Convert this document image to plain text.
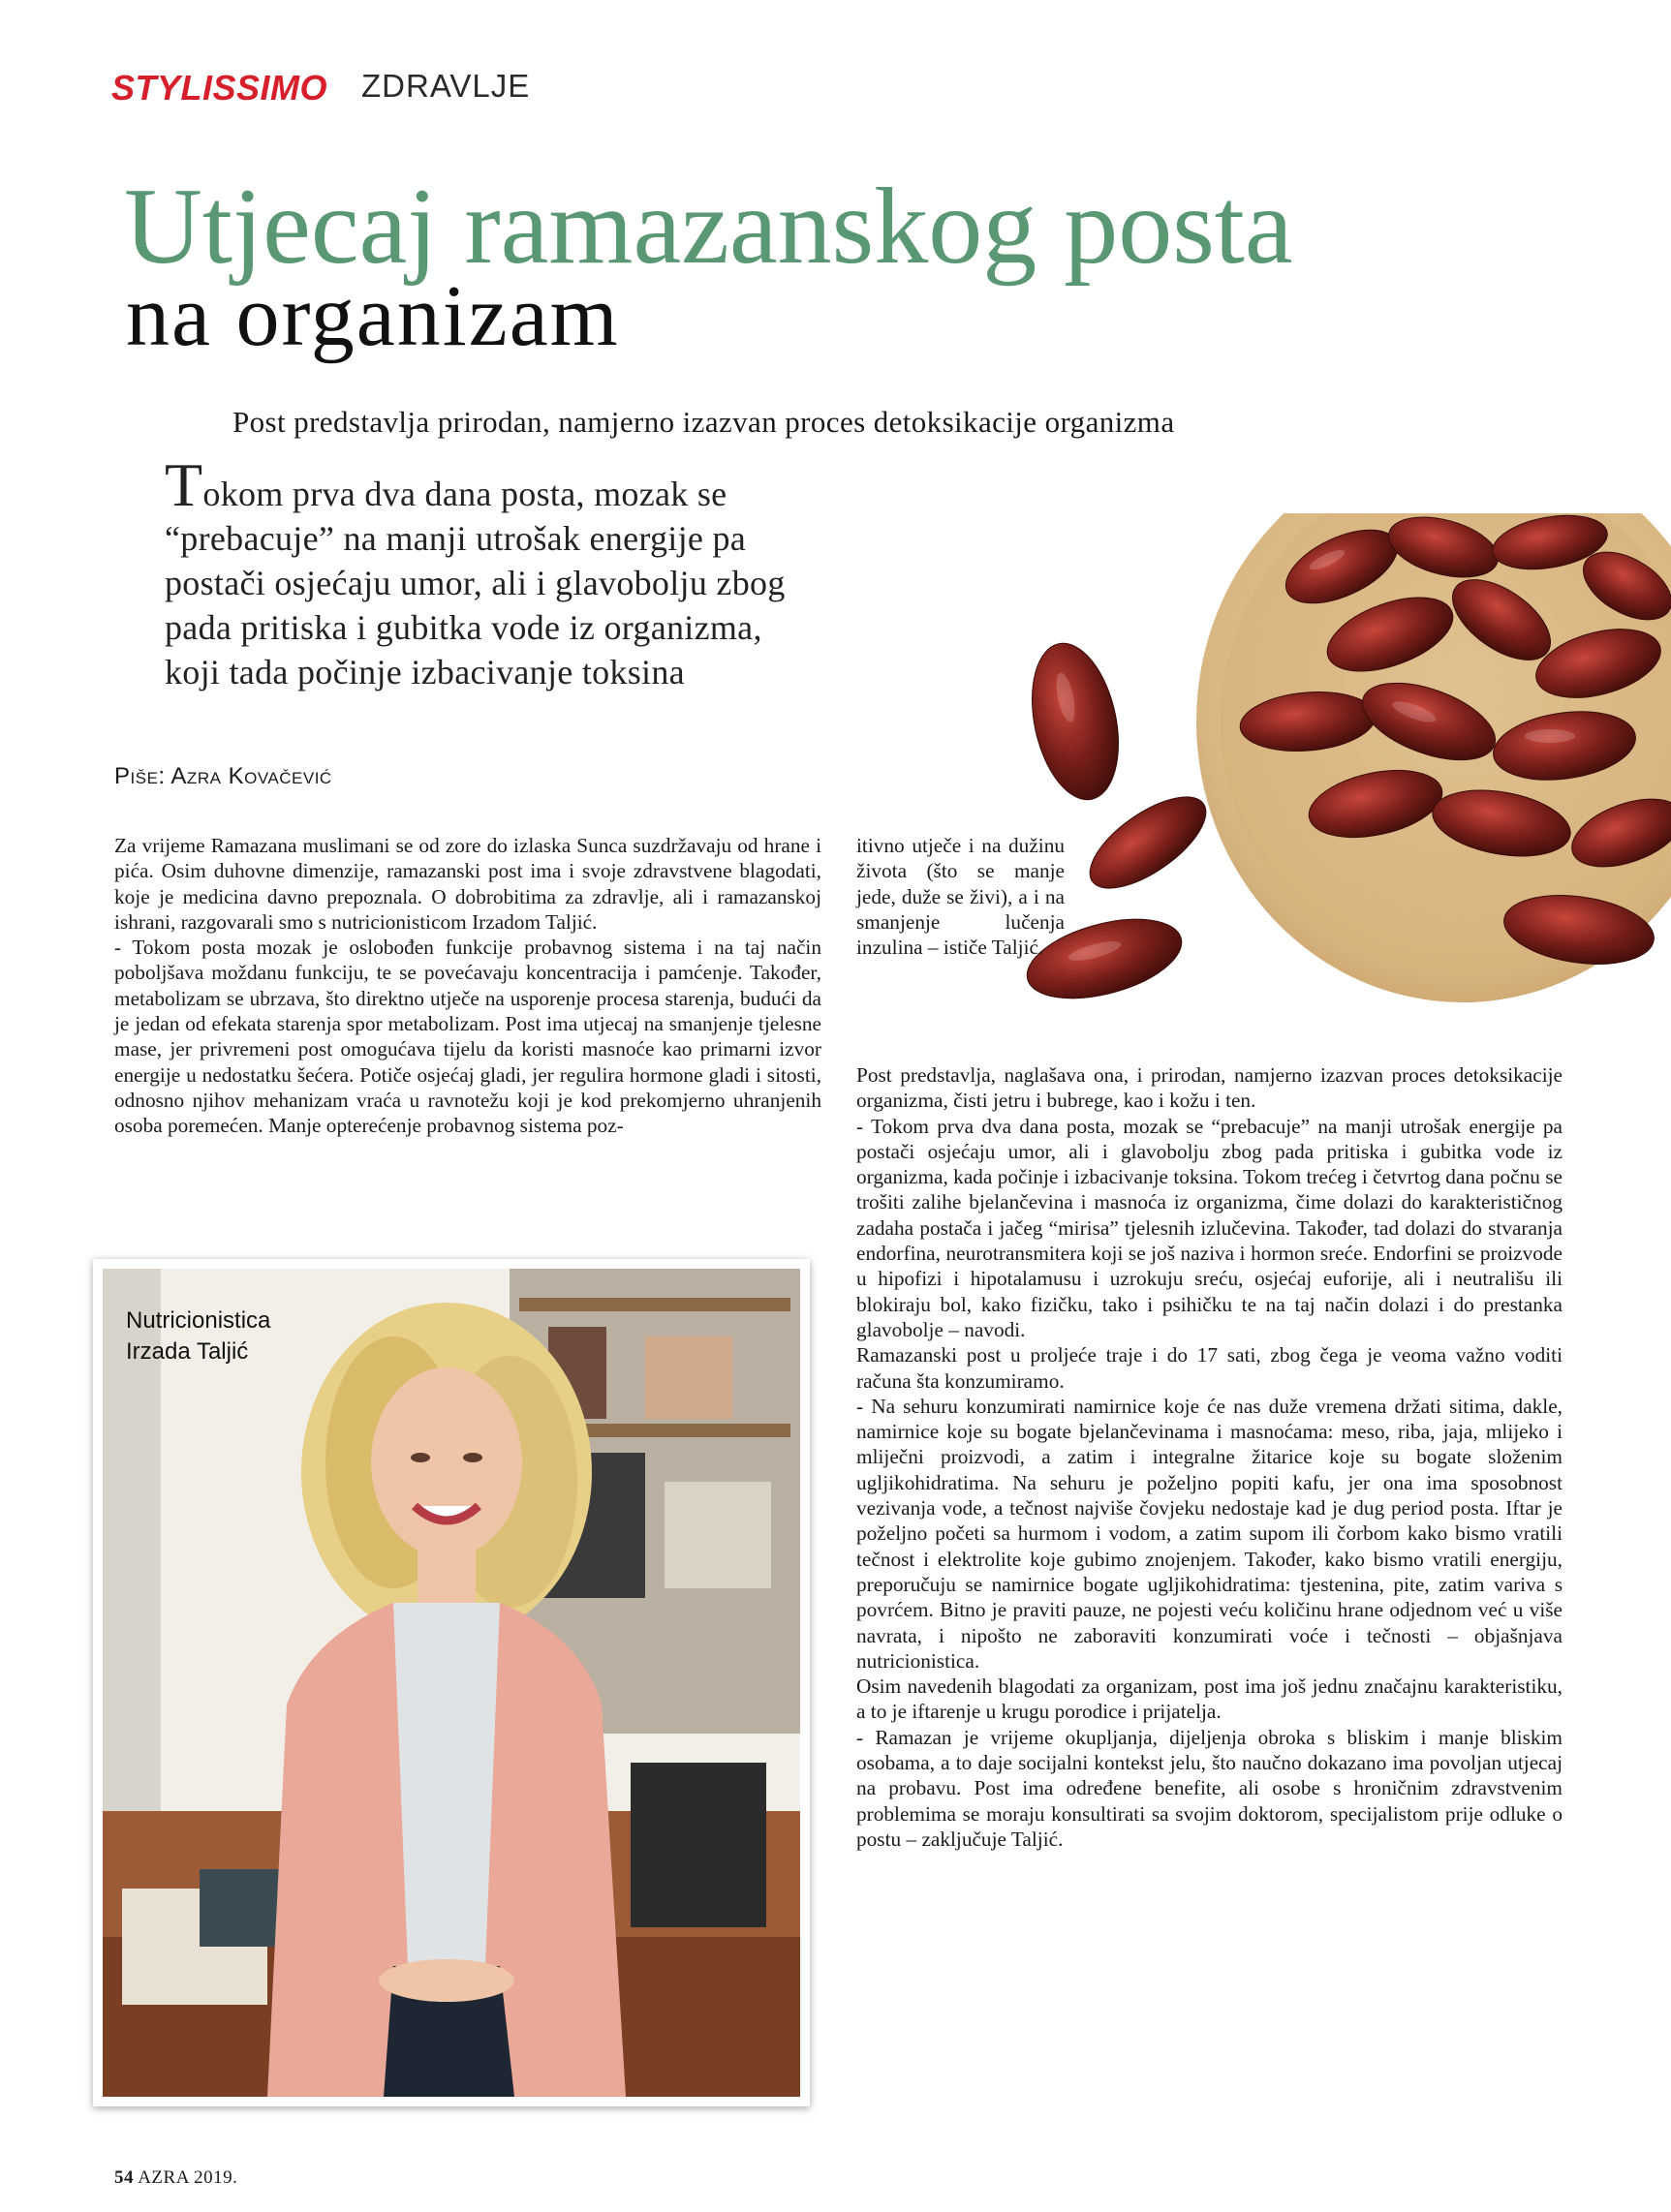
STYLISSIMO ZDRAVLJE
Utjecaj ramazanskog posta
na organizam
Post predstavlja prirodan, namjerno izazvan proces detoksikacije organizma
Tokom prva dva dana posta, mozak se
“prebacuje” na manji utrošak energije pa
postači osjećaju umor, ali i glavobolju zbog
pada pritiska i gubitka vode iz organizma,
koji tada počinje izbacivanje toksina
Piše: Azra Kovačević

Za vrijeme Ramazana muslimani se od zore do izlaska Sunca suzdržavaju od hrane i pića. Osim duhovne dimenzije, ramazanski post ima i svoje zdravstvene blagodati, koje je medicina davno prepoznala. O dobrobitima za zdravlje, ali i ramazanskoj ishrani, razgovarali smo s nutricionisticom Irzadom Taljić.

- Tokom posta mozak je oslobođen funkcije probavnog sistema i na taj način poboljšava moždanu funkciju, te se povećavaju koncentracija i pamćenje. Također, metabolizam se ubrzava, što direktno utječe na usporenje procesa starenja, budući da je jedan od efekata starenja spor metabolizam. Post ima utjecaj na smanjenje tjelesne mase, jer privremeni post omogućava tijelu da koristi masnoće kao primarni izvor energije u nedostatku šećera. Potiče osjećaj gladi, jer regulira hormone gladi i sitosti, odnosno njihov mehanizam vraća u ravnotežu koji je kod prekomjerno uhranjenih osoba poremećen. Manje opterećenje probavnog sistema poz-

itivno utječe i na dužinu života (što se manje jede, duže se živi), a i na smanjenje lučenja inzulina – ističe Taljić.

Post predstavlja, naglašava ona, i prirodan, namjerno izazvan proces detoksikacije organizma, čisti jetru i bubrege, kao i kožu i ten.

- Tokom prva dva dana posta, mozak se “prebacuje” na manji utrošak energije pa postači osjećaju umor, ali i glavobolju zbog pada pritiska i gubitka vode iz organizma, kada počinje i izbacivanje toksina. Tokom trećeg i četvrtog dana počnu se trošiti zalihe bjelančevina i masnoća iz organizma, čime dolazi do karakterističnog zadaha postača i jačeg “mirisa” tjelesnih izlučevina. Također, tad dolazi do stvaranja endorfina, neurotransmitera koji se još naziva i hormon sreće. Endorfini se proizvode u hipofizi i hipotalamusu i uzrokuju sreću, osjećaj euforije, ali i neutrališu ili blokiraju bol, kako fizičku, tako i psihičku te na taj način dolazi i do prestanka glavobolje – navodi.

Ramazanski post u proljeće traje i do 17 sati, zbog čega je veoma važno voditi računa šta konzumiramo.

- Na sehuru konzumirati namirnice koje će nas duže vremena držati sitima, dakle, namirnice koje su bogate bjelančevinama i masnoćama: meso, riba, jaja, mlijeko i mliječni proizvodi, a zatim i integralne žitarice koje su bogate složenim ugljikohidratima. Na sehuru je poželjno popiti kafu, jer ona ima sposobnost vezivanja vode, a tečnost najviše čovjeku nedostaje kad je dug period posta. Iftar je poželjno početi sa hurmom i vodom, a zatim supom ili čorbom kako bismo vratili tečnost i elektrolite koje gubimo znojenjem. Također, kako bismo vratili energiju, preporučuju se namirnice bogate ugljikohidratima: tjestenina, pite, zatim variva s povrćem. Bitno je praviti pauze, ne pojesti veću količinu hrane odjednom već u više navrata, i nipošto ne zaboraviti konzumirati voće i tečnosti – objašnjava nutricionistica.

Osim navedenih blagodati za organizam, post ima još jednu značajnu karakteristiku, a to je iftarenje u krugu porodice i prijatelja.

- Ramazan je vrijeme okupljanja, dijeljenja obroka s bliskim i manje bliskim osobama, a to daje socijalni kontekst jelu, što naučno dokazano ima povoljan utjecaj na probavu. Post ima određene benefite, ali osobe s hroničnim zdravstvenim problemima se moraju konsultirati sa svojim doktorom, specijalistom prije odluke o postu – zaključuje Taljić.

Nutricionistica
Irzada Taljić
54 AZRA 2019.
